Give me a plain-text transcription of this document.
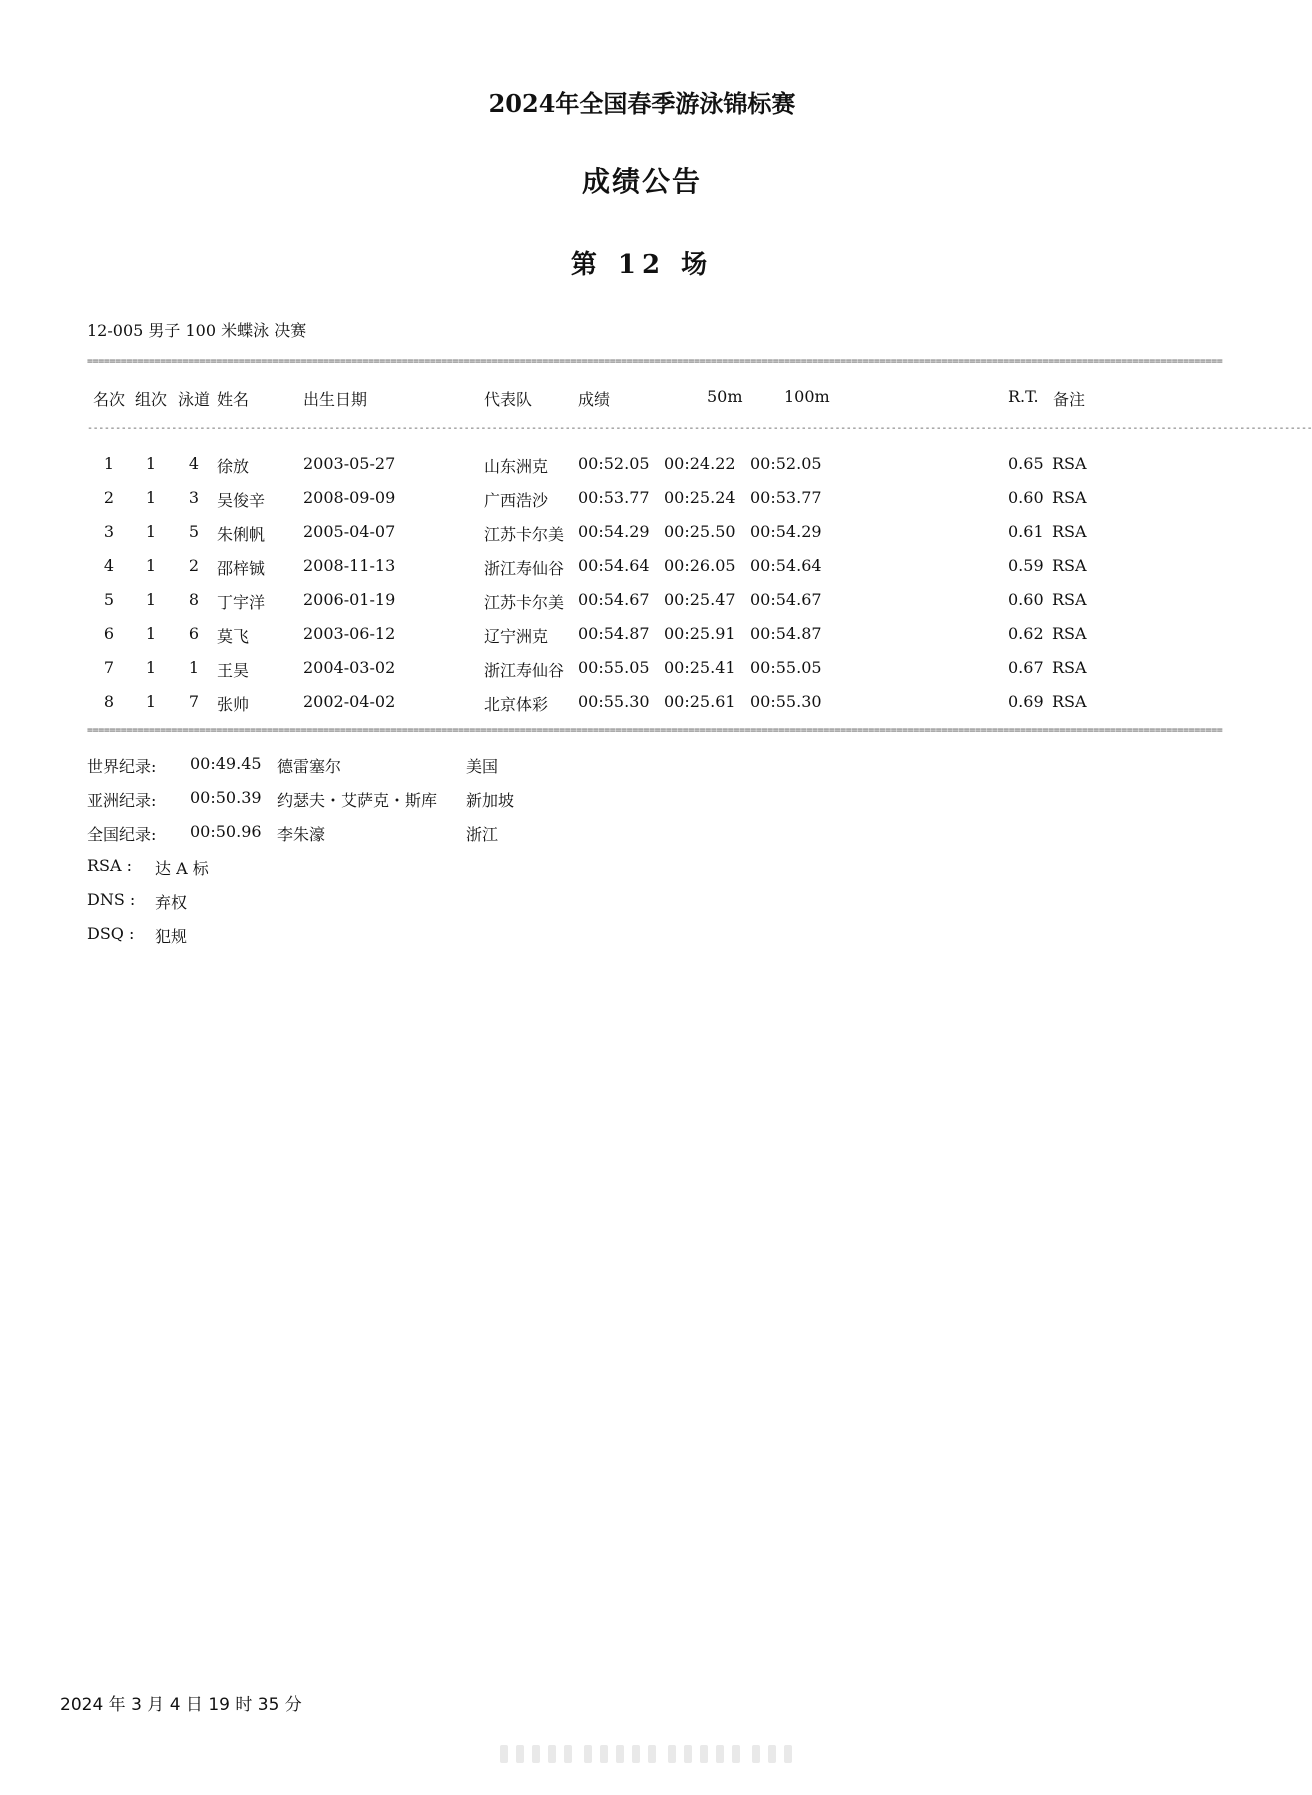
2024年全国春季游泳锦标赛
成绩公告
第 12 场
12-005 男子 100 米蝶泳 决赛
==========================================================================================================================================================================================================
名次 组次 泳道 姓名	出生日期	代表队	成绩	50m	100m	R.T. 备注
--------------------------------------------------------------------------------------------------------------------------------------------------------------------------------------------------------------------------
1	1	4	徐放	2003-05-27	山东洲克 00:52.05 00:24.22 00:52.05	0.65 RSA
2	1	3	吴俊辛 2008-09-09	广西浩沙 00:53.77 00:25.24 00:53.77	0.60 RSA
3	1	5	朱俐帆 2005-04-07	江苏卡尔美 00:54.29 00:25.50 00:54.29	0.61 RSA
4	1	2	邵梓铖 2008-11-13	浙江寿仙谷 00:54.64 00:26.05 00:54.64	0.59 RSA
5	1	8	丁宇洋 2006-01-19	江苏卡尔美 00:54.67 00:25.47 00:54.67	0.60 RSA
6	1	6	莫飞	2003-06-12	辽宁洲克 00:54.87 00:25.91 00:54.87	0.62 RSA
7	1	1	王昊	2004-03-02	浙江寿仙谷 00:55.05 00:25.41 00:55.05	0.67 RSA
8	1	7	张帅	2002-04-02	北京体彩 00:55.30 00:25.61 00:55.30	0.69 RSA
==========================================================================================================================================================================================================
世界纪录: 00:49.45 德雷塞尔	美国
亚洲纪录: 00:50.39 约瑟夫・艾萨克・斯库 新加坡
全国纪录: 00:50.96 李朱濠	浙江
RSA : 达 A 标
DNS : 弃权
DSQ : 犯规
2024 年 3 月 4 日 19 时 35 分
